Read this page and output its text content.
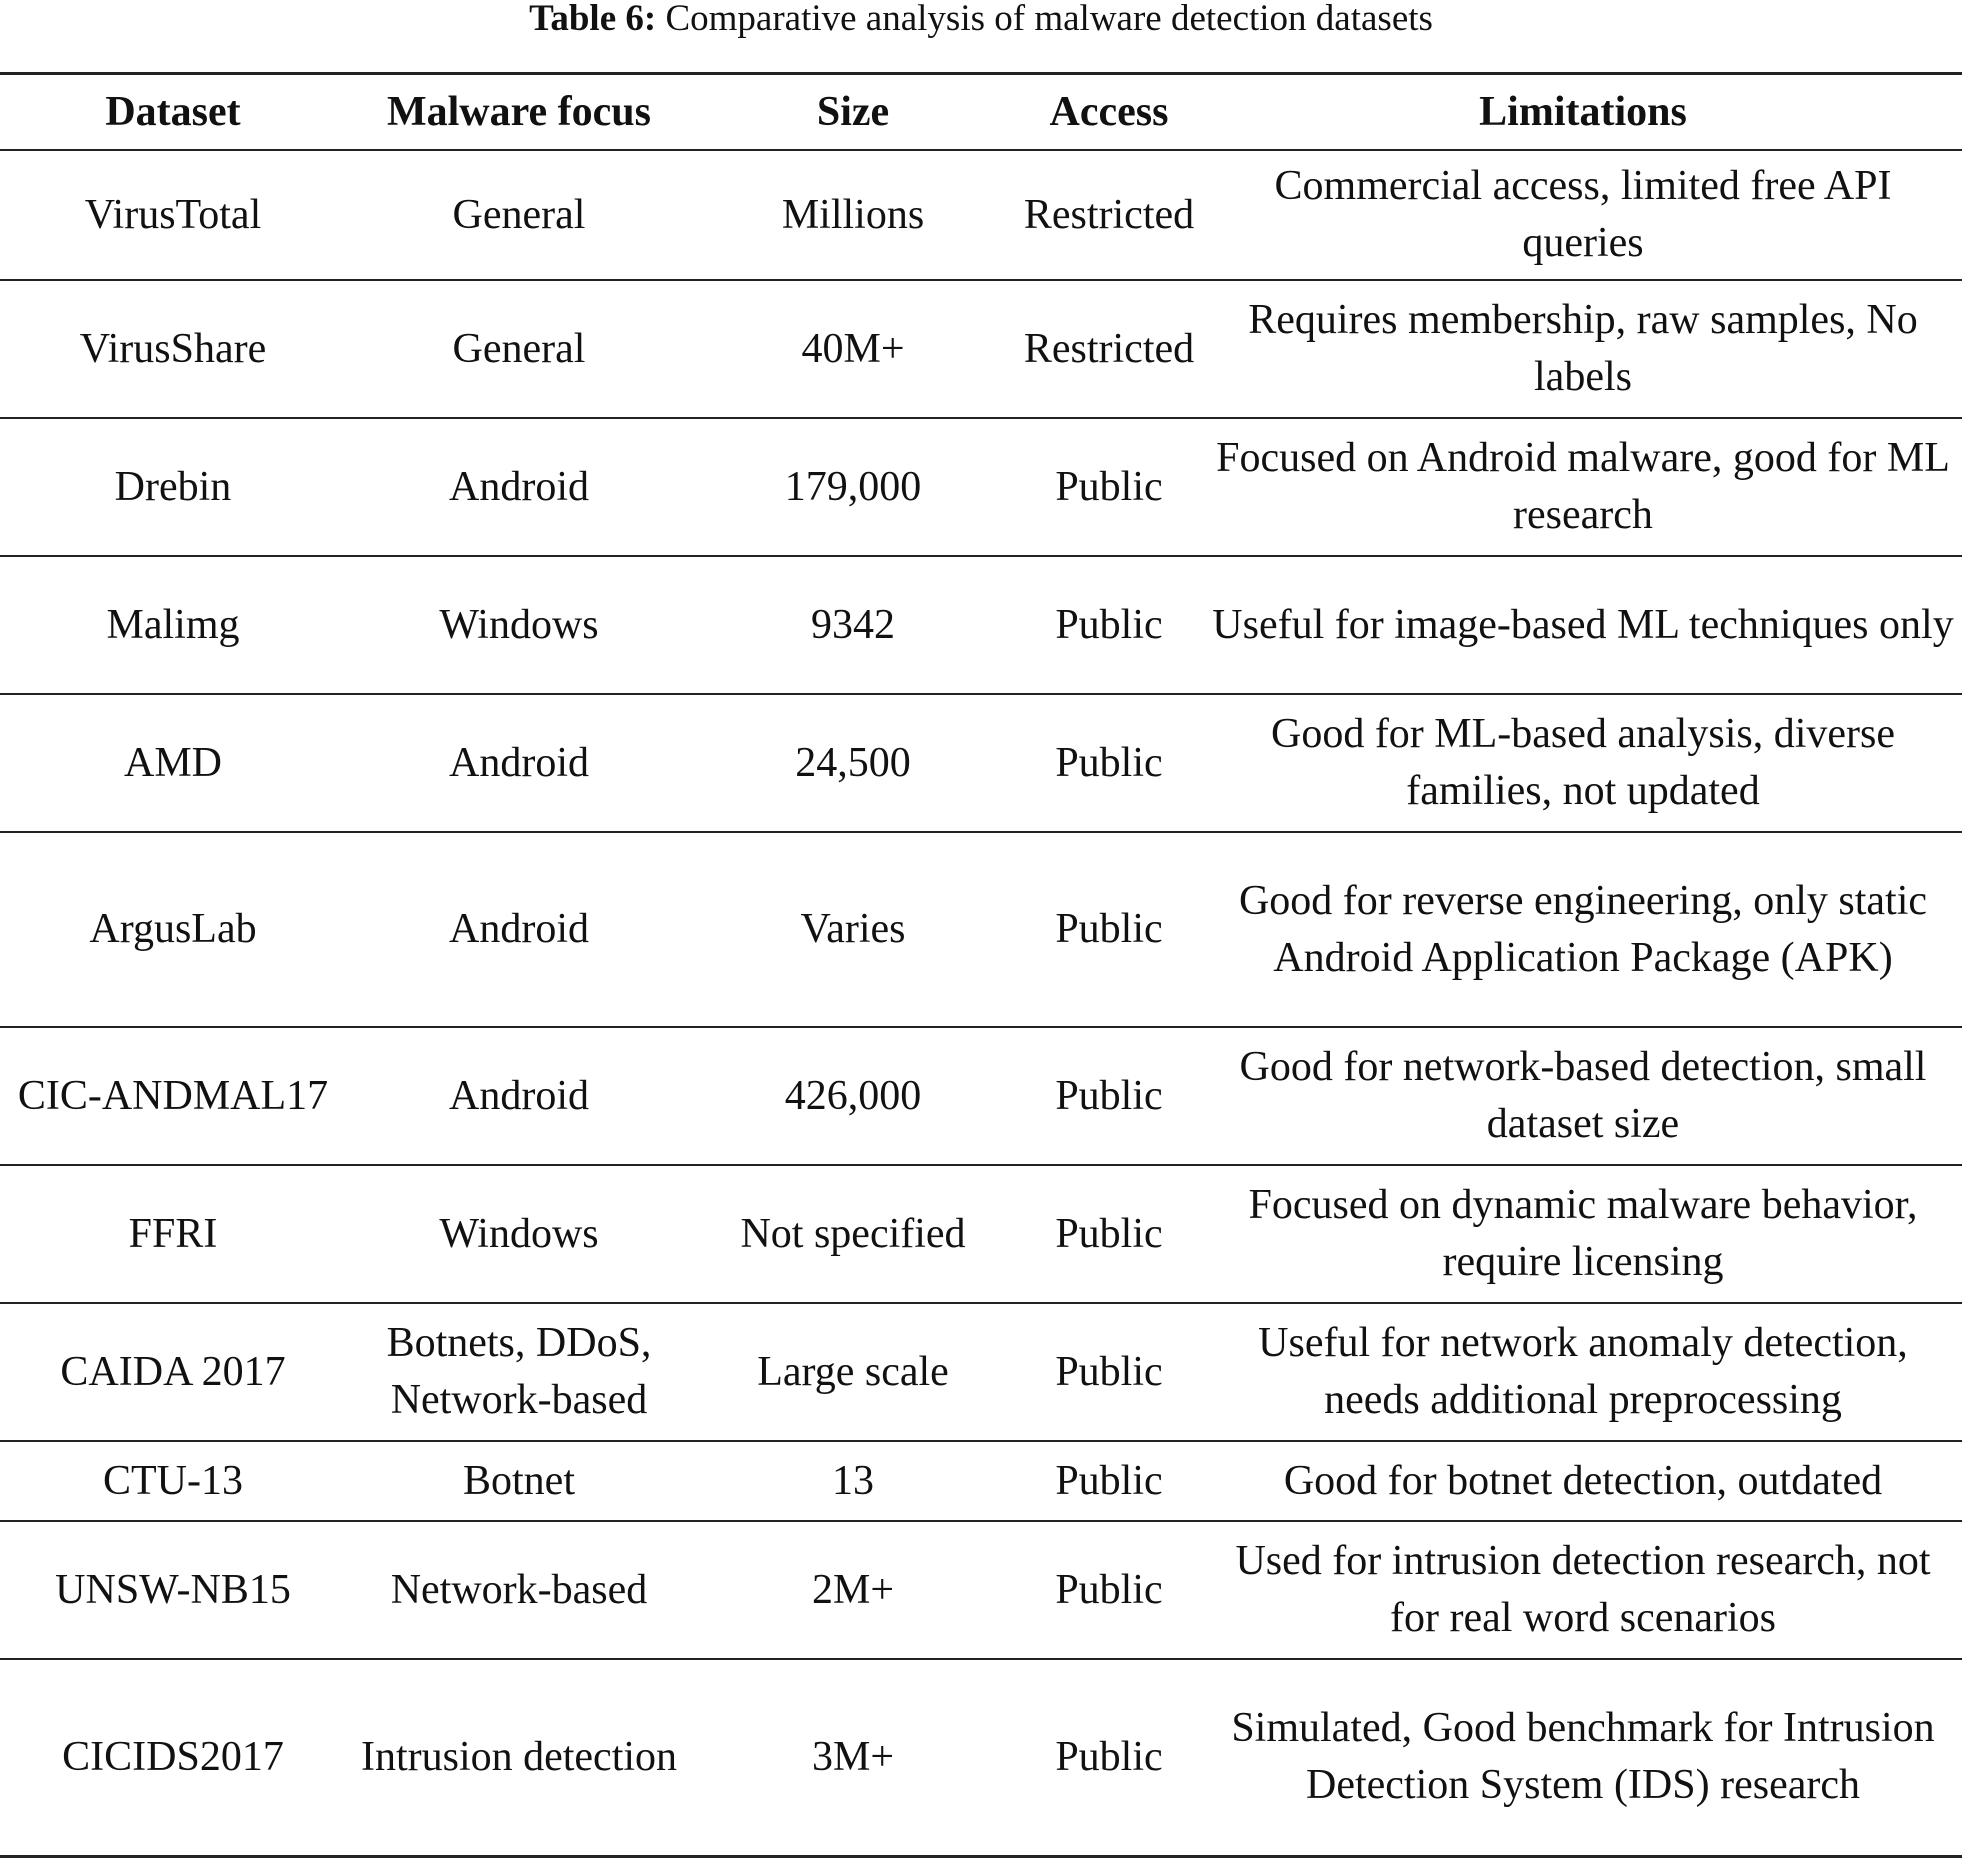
Table 6: Comparative analysis of malware detection datasets
Dataset	Malware focus	Size	Access	Limitations
VirusTotal	General	Millions	Restricted	Commercial access, limited free API queries
VirusShare	General	40M+	Restricted	Requires membership, raw samples, No labels
Drebin	Android	179,000	Public	Focused on Android malware, good for ML research
Malimg	Windows	9342	Public	Useful for image-based ML techniques only
AMD	Android	24,500	Public	Good for ML-based analysis, diverse families, not updated
ArgusLab	Android	Varies	Public	Good for reverse engineering, only static Android Application Package (APK)
CIC-ANDMAL17	Android	426,000	Public	Good for network-based detection, small dataset size
FFRI	Windows	Not specified	Public	Focused on dynamic malware behavior, require licensing
CAIDA 2017	Botnets, DDoS, Network-based	Large scale	Public	Useful for network anomaly detection, needs additional preprocessing
CTU-13	Botnet	13	Public	Good for botnet detection, outdated
UNSW-NB15	Network-based	2M+	Public	Used for intrusion detection research, not for real word scenarios
CICIDS2017	Intrusion detection	3M+	Public	Simulated, Good benchmark for Intrusion Detection System (IDS) research
